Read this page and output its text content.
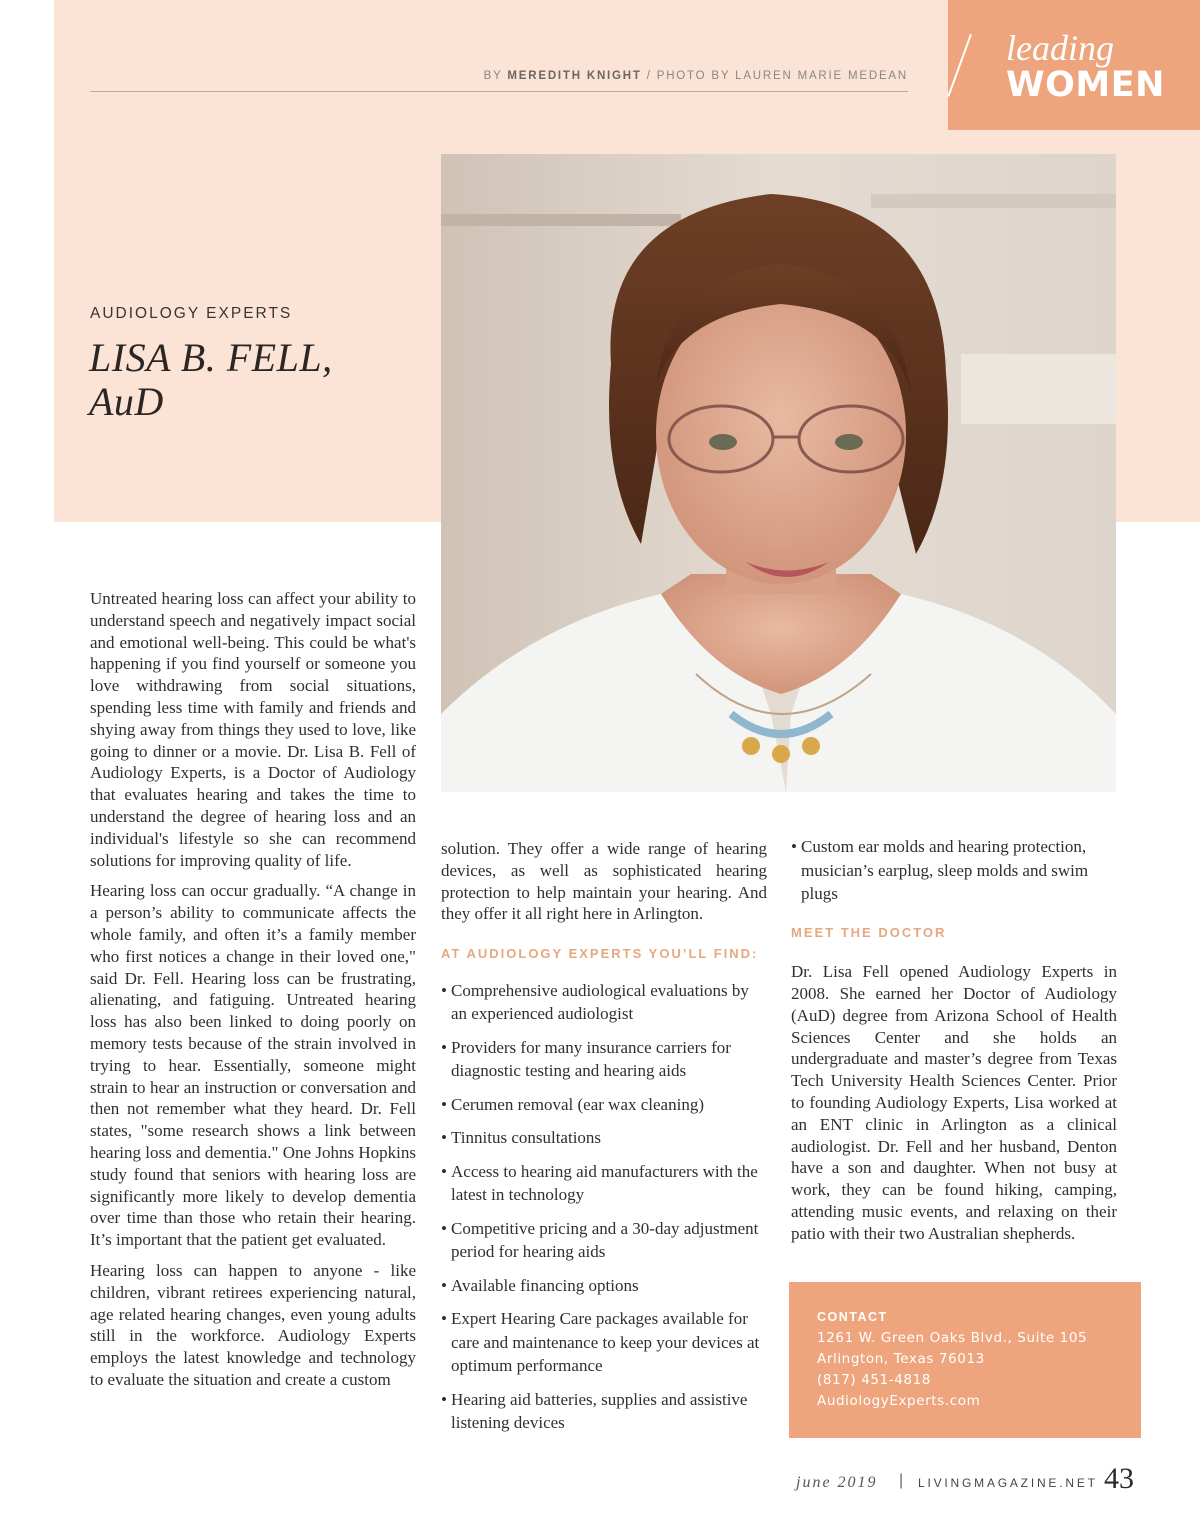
leading
WOMEN
BY MEREDITH KNIGHT / PHOTO BY LAUREN MARIE MEDEAN
AUDIOLOGY EXPERTS
LISA B. FELL,
AuD

Untreated hearing loss can affect your ability to understand speech and negatively impact social and emotional well-being. This could be what's happening if you find yourself or someone you love withdrawing from social situations, spending less time with family and friends and shying away from things they used to love, like going to dinner or a movie. Dr. Lisa B. Fell of Audiology Experts, is a Doctor of Audiology that evaluates hearing and takes the time to understand the degree of hearing loss and an individual's lifestyle so she can recommend solutions for improving quality of life.

Hearing loss can occur gradually. “A change in a person’s ability to communicate affects the whole family, and often it’s a family member who first notices a change in their loved one," said Dr. Fell. Hearing loss can be frustrating, alienating, and fatiguing. Untreated hearing loss has also been linked to doing poorly on memory tests because of the strain involved in trying to hear. Essentially, someone might strain to hear an instruction or conversation and then not remember what they heard. Dr. Fell states, "some research shows a link between hearing loss and dementia." One Johns Hopkins study found that seniors with hearing loss are significantly more likely to develop dementia over time than those who retain their hearing. It’s important that the patient get evaluated.

Hearing loss can happen to anyone - like children, vibrant retirees experiencing natural, age related hearing changes, even young adults still in the workforce. Audiology Experts employs the latest knowledge and technology to evaluate the situation and create a custom

solution. They offer a wide range of hearing devices, as well as sophisticated hearing protection to help maintain your hearing. And they offer it all right here in Arlington.

AT AUDIOLOGY EXPERTS YOU’LL FIND:
• Comprehensive audiological evaluations by an experienced audiologist
• Providers for many insurance carriers for diagnostic testing and hearing aids
• Cerumen removal (ear wax cleaning)
• Tinnitus consultations
• Access to hearing aid manufacturers with the latest in technology
• Competitive pricing and a 30-day adjustment period for hearing aids
• Available financing options
• Expert Hearing Care packages available for care and maintenance to keep your devices at optimum performance
• Hearing aid batteries, supplies and assistive listening devices
• Custom ear molds and hearing protection, musician’s earplug, sleep molds and swim plugs
MEET THE DOCTOR

Dr. Lisa Fell opened Audiology Experts in 2008. She earned her Doctor of Audiology (AuD) degree from Arizona School of Health Sciences Center and she holds an undergraduate and master’s degree from Texas Tech University Health Sciences Center. Prior to founding Audiology Experts, Lisa worked at an ENT clinic in Arlington as a clinical audiologist. Dr. Fell and her husband, Denton have a son and daughter. When not busy at work, they can be found hiking, camping, attending music events, and relaxing on their patio with their two Australian shepherds.

CONTACT
1261 W. Green Oaks Blvd., Suite 105
Arlington, Texas 76013
(817) 451-4818
AudiologyExperts.com
june 2019 | LIVINGMAGAZINE.NET 43
